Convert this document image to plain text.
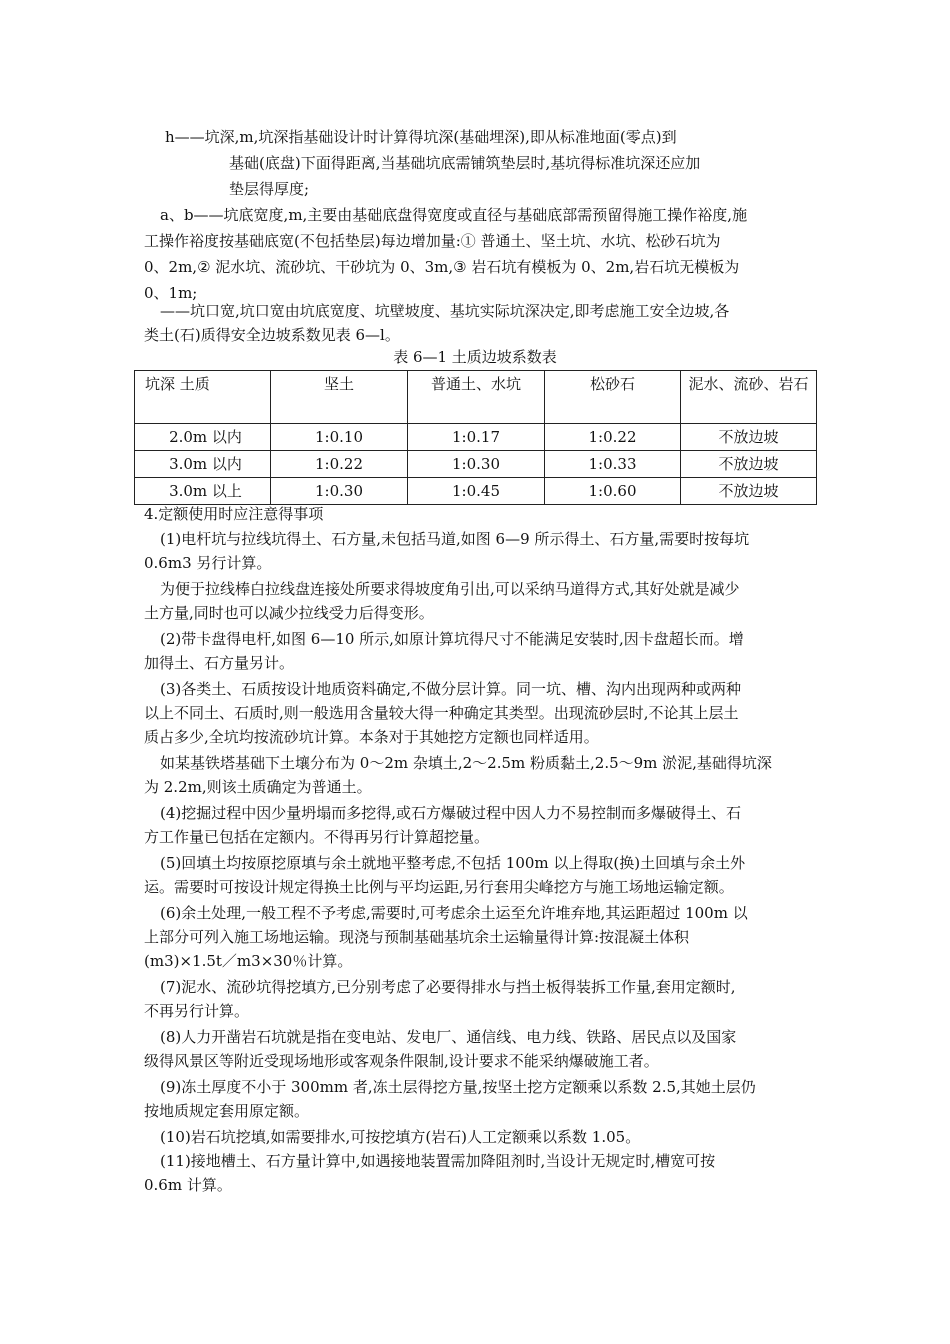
h——坑深,m,坑深指基础设计时计算得坑深(基础埋深),即从标准地面(零点)到
基础(底盘)下面得距离,当基础坑底需铺筑垫层时,基坑得标准坑深还应加
垫层得厚度;
a、b——坑底宽度,m,主要由基础底盘得宽度或直径与基础底部需预留得施工操作裕度,施
工操作裕度按基础底宽(不包括垫层)每边增加量:① 普通土、坚土坑、水坑、松砂石坑为
0、2m,② 泥水坑、流砂坑、干砂坑为 0、3m,③ 岩石坑有模板为 0、2m,岩石坑无模板为
0、1m;
——坑口宽,坑口宽由坑底宽度、坑壁坡度、基坑实际坑深决定,即考虑施工安全边坡,各
类土(石)质得安全边坡系数见表 6—l。
表 6—1 土质边坡系数表
坑深 土质	坚土	普通土、水坑	松砂石	泥水、流砂、岩石
2.0m 以内	1:0.10	1:0.17	1:0.22	不放边坡
3.0m 以内	1:0.22	1:0.30	1:0.33	不放边坡
3.0m 以上	1:0.30	1:0.45	1:0.60	不放边坡
4.定额使用时应注意得事项
(1)电杆坑与拉线坑得土、石方量,未包括马道,如图 6—9 所示得土、石方量,需要时按每坑
0.6m3 另行计算。
为便于拉线棒白拉线盘连接处所要求得坡度角引出,可以采纳马道得方式,其好处就是减少
土方量,同时也可以减少拉线受力后得变形。
(2)带卡盘得电杆,如图 6—10 所示,如原计算坑得尺寸不能满足安装时,因卡盘超长而。增
加得土、石方量另计。
(3)各类土、石质按设计地质资料确定,不做分层计算。同一坑、槽、沟内出现两种或两种
以上不同土、石质时,则一般选用含量较大得一种确定其类型。出现流砂层时,不论其上层土
质占多少,全坑均按流砂坑计算。本条对于其她挖方定额也同样适用。
如某基铁塔基础下土壤分布为 0～2m 杂填土,2～2.5m 粉质黏土,2.5～9m 淤泥,基础得坑深
为 2.2m,则该土质确定为普通土。
(4)挖掘过程中因少量坍塌而多挖得,或石方爆破过程中因人力不易控制而多爆破得土、石
方工作量已包括在定额内。不得再另行计算超挖量。
(5)回填土均按原挖原填与余土就地平整考虑,不包括 100m 以上得取(换)土回填与余土外
运。需要时可按设计规定得换土比例与平均运距,另行套用尖峰挖方与施工场地运输定额。
(6)余土处理,一般工程不予考虑,需要时,可考虑余土运至允许堆弃地,其运距超过 100m 以
上部分可列入施工场地运输。现浇与预制基础基坑余土运输量得计算:按混凝土体积
(m3)×1.5t／m3×30％计算。
(7)泥水、流砂坑得挖填方,已分别考虑了必要得排水与挡土板得装拆工作量,套用定额时,
不再另行计算。
(8)人力开凿岩石坑就是指在变电站、发电厂、通信线、电力线、铁路、居民点以及国家
级得风景区等附近受现场地形或客观条件限制,设计要求不能采纳爆破施工者。
(9)冻土厚度不小于 300mm 者,冻土层得挖方量,按坚土挖方定额乘以系数 2.5,其她土层仍
按地质规定套用原定额。
(10)岩石坑挖填,如需要排水,可按挖填方(岩石)人工定额乘以系数 1.05。
(11)接地槽土、石方量计算中,如遇接地装置需加降阻剂时,当设计无规定时,槽宽可按
0.6m 计算。
